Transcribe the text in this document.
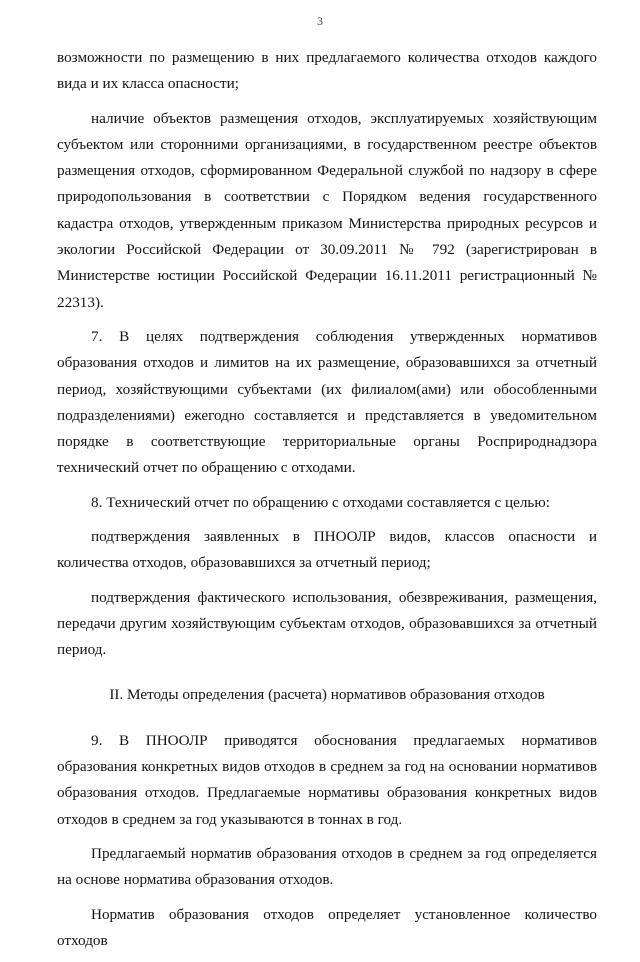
3

возможности по размещению в них предлагаемого количества отходов каждого вида и их класса опасности;

наличие объектов размещения отходов, эксплуатируемых хозяйствующим субъектом или сторонними организациями, в государственном реестре объектов размещения отходов, сформированном Федеральной службой по надзору в сфере природопользования в соответствии с Порядком ведения государственного кадастра отходов, утвержденным приказом Министерства природных ресурсов и экологии Российской Федерации от 30.09.2011 № 792 (зарегистрирован в Министерстве юстиции Российской Федерации 16.11.2011 регистрационный № 22313).

7. В целях подтверждения соблюдения утвержденных нормативов образования отходов и лимитов на их размещение, образовавшихся за отчетный период, хозяйствующими субъектами (их филиалом(ами) или обособленными подразделениями) ежегодно составляется и представляется в уведомительном порядке в соответствующие территориальные органы Росприроднадзора технический отчет по обращению с отходами.

8. Технический отчет по обращению с отходами составляется с целью:

подтверждения заявленных в ПНООЛР видов, классов опасности и количества отходов, образовавшихся за отчетный период;

подтверждения фактического использования, обезвреживания, размещения, передачи другим хозяйствующим субъектам отходов, образовавшихся за отчетный период.

II. Методы определения (расчета) нормативов образования отходов

9. В ПНООЛР приводятся обоснования предлагаемых нормативов образования конкретных видов отходов в среднем за год на основании нормативов образования отходов. Предлагаемые нормативы образования конкретных видов отходов в среднем за год указываются в тоннах в год.

Предлагаемый норматив образования отходов в среднем за год определяется на основе норматива образования отходов.

Норматив образования отходов определяет установленное количество отходов
